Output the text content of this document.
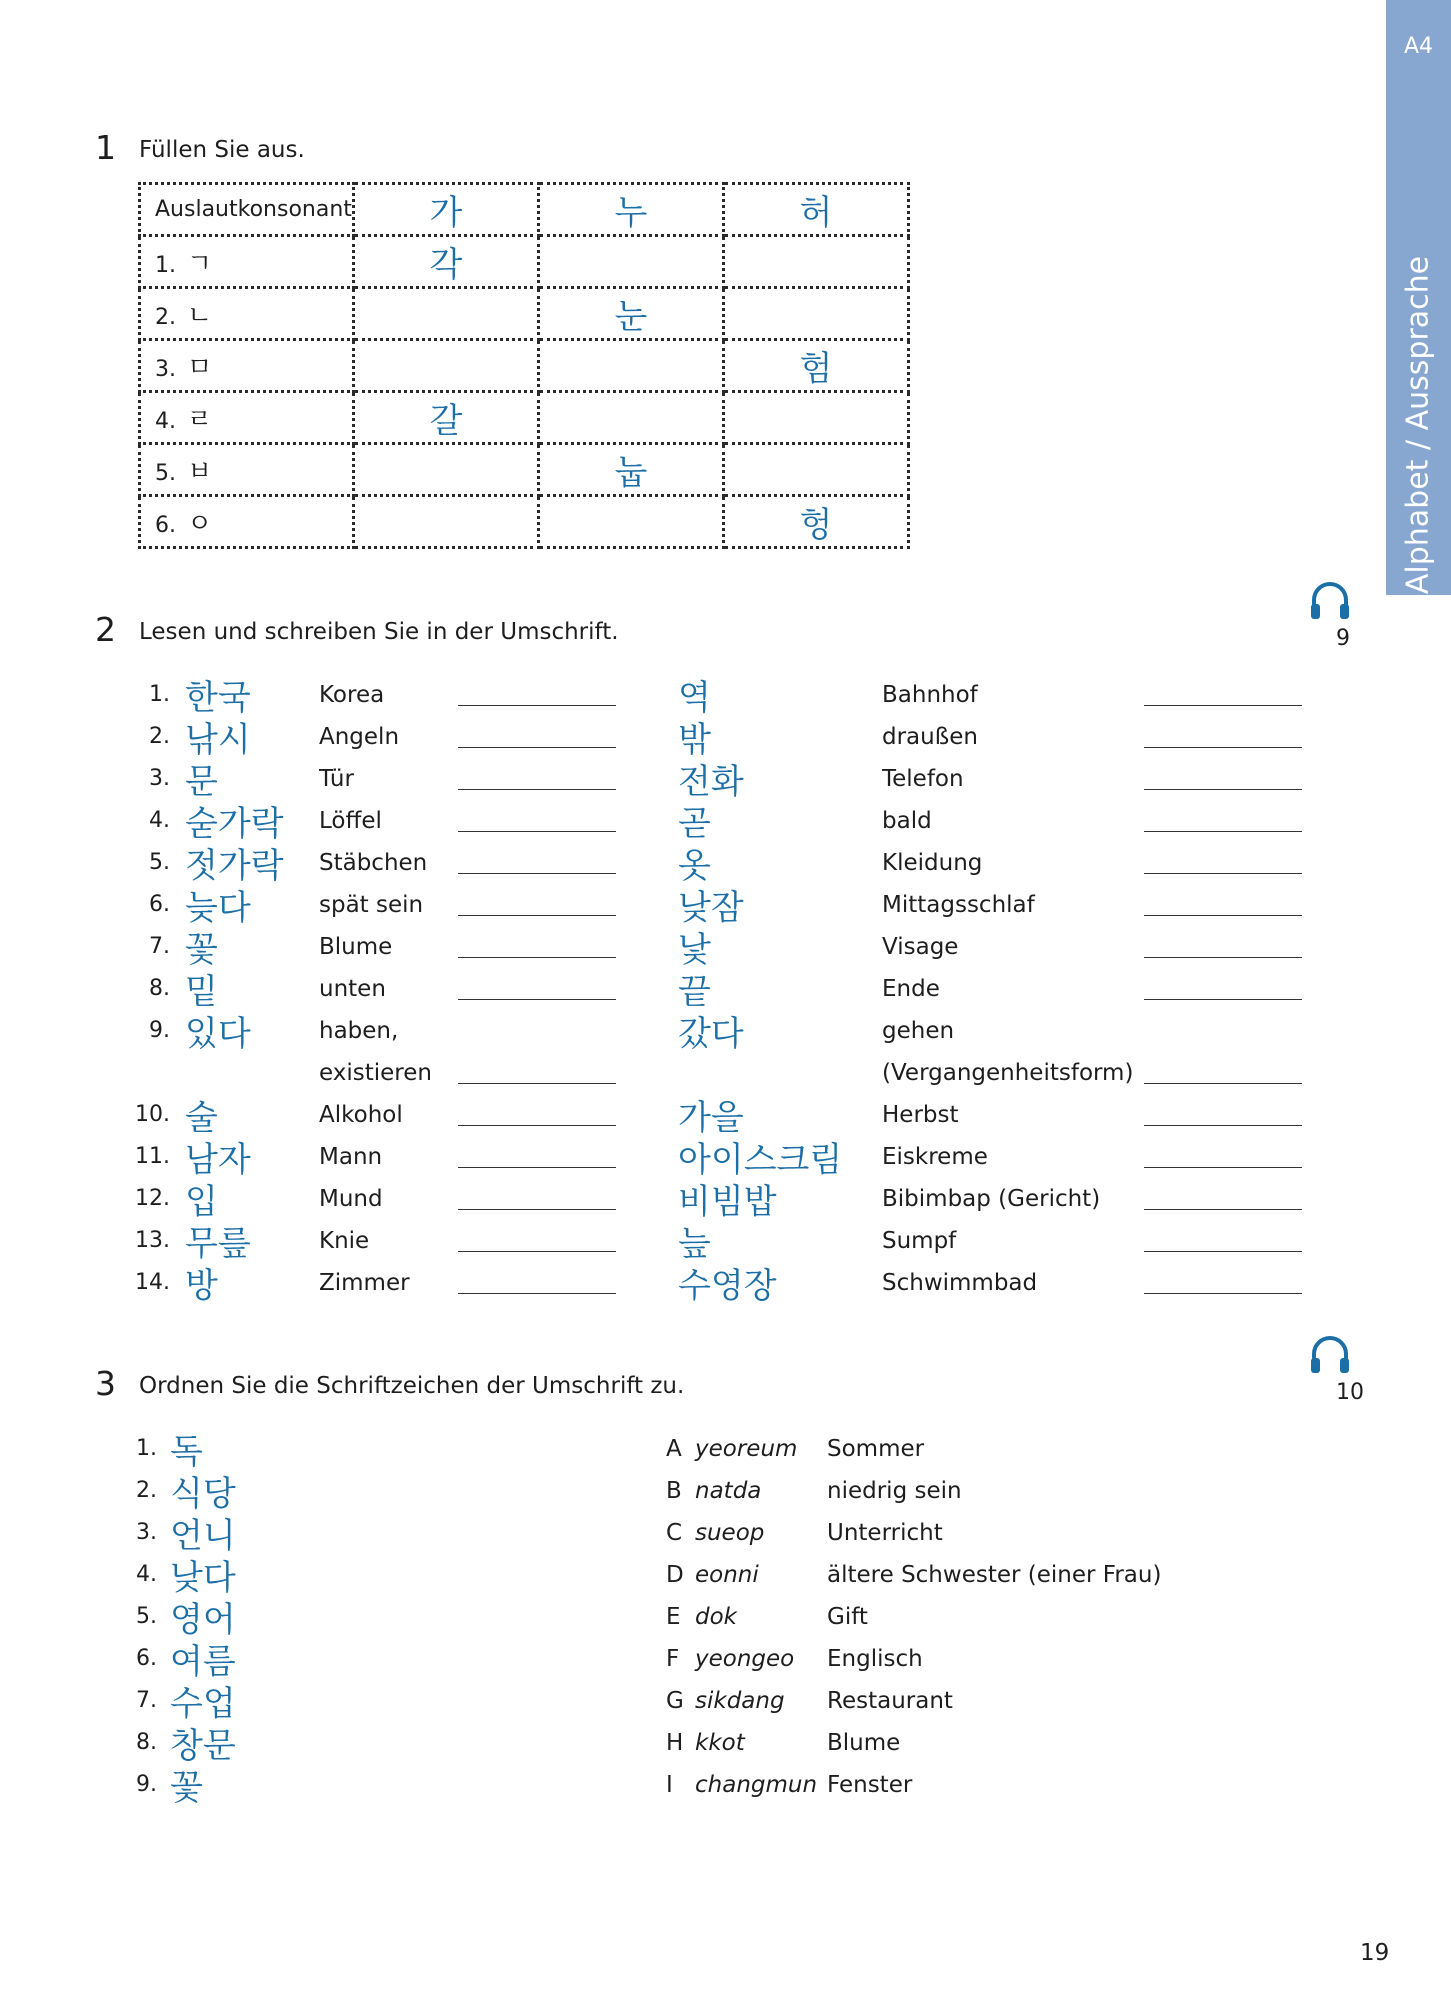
A4
Alphabet / Aussprache
1 Füllen Sie aus.
Auslautkonsonant	가	누	허
1. ㄱ	각		
2. ㄴ		눈	
3. ㅁ			험
4. ㄹ	갈		
5. ㅂ		눕	
6. ㅇ			헝
2 Lesen und schreiben Sie in der Umschrift.	9
1. 한국	Korea	역	Bahnhof
2. 낚시	Angeln	밖	draußen
3. 문	Tür	전화	Telefon
4. 숟가락 Löffel	곧	bald
5. 젓가락 Stäbchen	옷	Kleidung
6. 늦다	spät sein	낮잠	Mittagsschlaf
7. 꽃	Blume	낯	Visage
8. 밑	unten	끝	Ende
9. 있다	haben,	갔다	gehen
existieren	(Vergangenheitsform)
10. 술	Alkohol	가을	Herbst
11. 남자	Mann	아이스크림 Eiskreme
12. 입	Mund	비빔밥	Bibimbap (Gericht)
13. 무릎	Knie	늪	Sumpf
14. 방	Zimmer	수영장	Schwimmbad
3 Ordnen Sie die Schriftzeichen der Umschrift zu.	10
1. 독	A yeoreum Sommer
2. 식당	B natda	niedrig sein
3. 언니	C sueop	Unterricht
4. 낮다	D eonni	ältere Schwester (einer Frau)
5. 영어	E dok	Gift
6. 여름	F yeongeo Englisch
7. 수업	G sikdang Restaurant
8. 창문	H kkot	Blume
9. 꽃	I changmun Fenster
19
